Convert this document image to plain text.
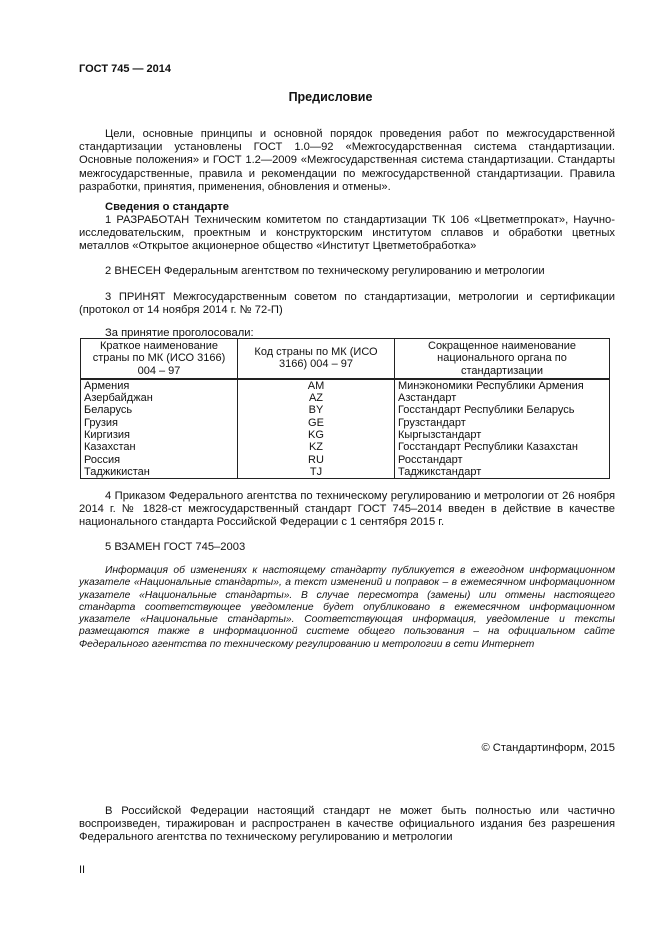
ГОСТ 745 — 2014
Предисловие
Цели, основные принципы и основной порядок проведения работ по межгосударственной стандартизации установлены ГОСТ 1.0—92 «Межгосударственная система стандартизации. Основные положения» и ГОСТ 1.2—2009 «Межгосударственная система стандартизации. Стандарты межгосударственные, правила и рекомендации по межгосударственной стандартизации. Правила разработки, принятия, применения, обновления и отмены».
Сведения о стандарте
1 РАЗРАБОТАН Техническим комитетом по стандартизации ТК 106 «Цветметпрокат», Научно-исследовательским, проектным и конструкторским институтом сплавов и обработки цветных металлов «Открытое акционерное общество «Институт Цветметобработка»
2 ВНЕСЕН Федеральным агентством по техническому регулированию и метрологии
3 ПРИНЯТ Межгосударственным советом по стандартизации, метрологии и сертификации (протокол от 14 ноября 2014 г. № 72-П)
За принятие проголосовали:
Краткое наименование страны по МК (ИСО 3166) 004 – 97	Код страны по МК (ИСО 3166) 004 – 97	Сокращенное наименование национального органа по стандартизации
Армения	AM	Минэкономики Республики Армения
Азербайджан	AZ	Азстандарт
Беларусь	BY	Госстандарт Республики Беларусь
Грузия	GE	Грузстандарт
Киргизия	KG	Кыргызстандарт
Казахстан	KZ	Госстандарт Республики Казахстан
Россия	RU	Росстандарт
Таджикистан	TJ	Таджикстандарт
4 Приказом Федерального агентства по техническому регулированию и метрологии от 26 ноября 2014 г. № 1828-ст межгосударственный стандарт ГОСТ 745–2014 введен в действие в качестве национального стандарта Российской Федерации с 1 сентября 2015 г.
5 ВЗАМЕН ГОСТ 745–2003
Информация об изменениях к настоящему стандарту публикуется в ежегодном информационном указателе «Национальные стандарты», а текст изменений и поправок – в ежемесячном информационном указателе «Национальные стандарты». В случае пересмотра (замены) или отмены настоящего стандарта соответствующее уведомление будет опубликовано в ежемесячном информационном указателе «Национальные стандарты». Соответствующая информация, уведомление и тексты размещаются также в информационной системе общего пользования – на официальном сайте Федерального агентства по техническому регулированию и метрологии в сети Интернет
© Стандартинформ, 2015
В Российской Федерации настоящий стандарт не может быть полностью или частично воспроизведен, тиражирован и распространен в качестве официального издания без разрешения Федерального агентства по техническому регулированию и метрологии
II
